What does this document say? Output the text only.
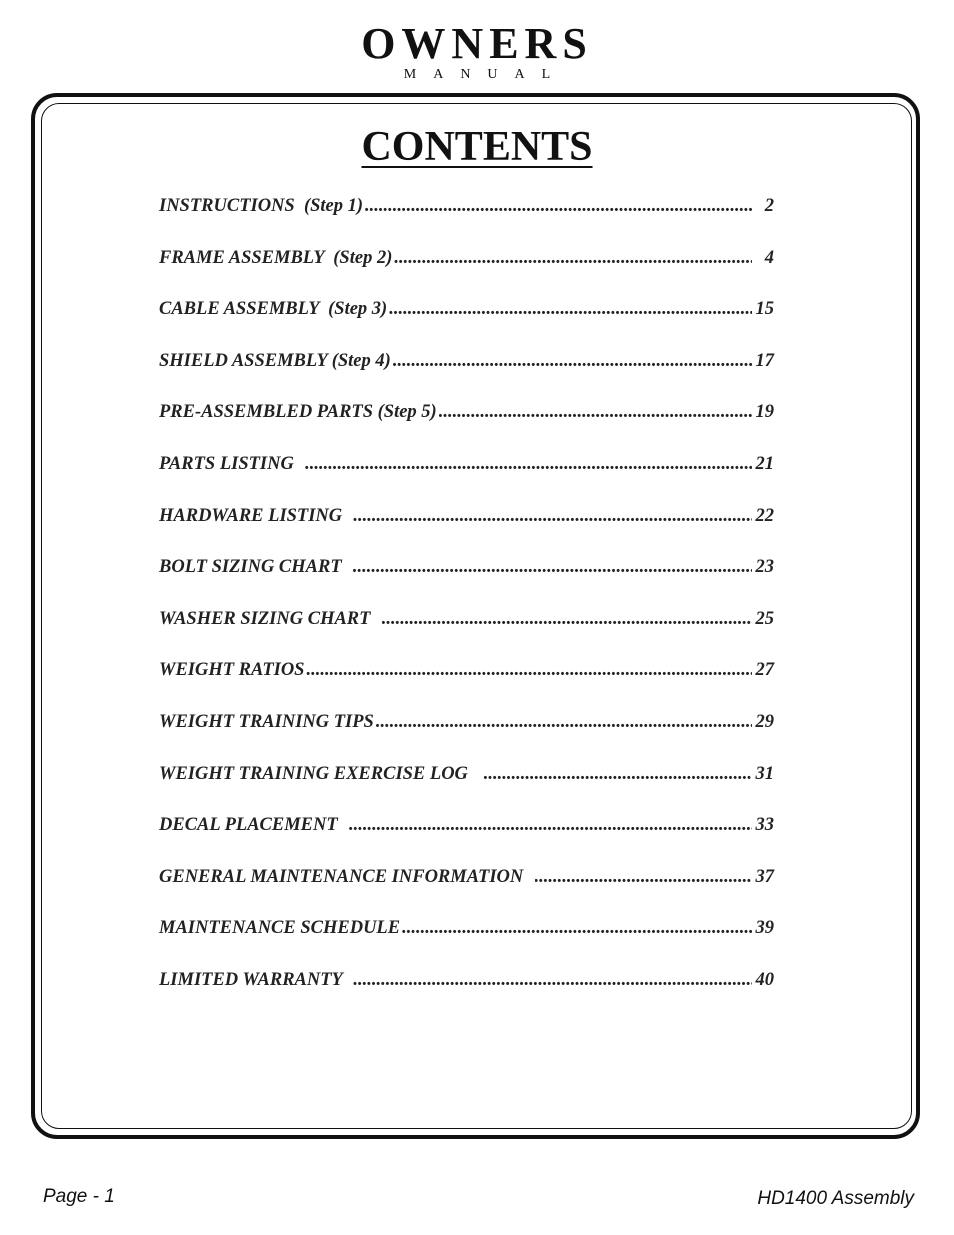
OWNERS
MANUAL
CONTENTS
INSTRUCTIONS  (Step 1) .....	2
FRAME ASSEMBLY  (Step 2) .....	4
CABLE ASSEMBLY  (Step 3) .....	15
SHIELD ASSEMBLY (Step 4) .....	17
PRE-ASSEMBLED PARTS (Step 5) .....	19
PARTS LISTING .....	21
HARDWARE LISTING .....	22
BOLT SIZING CHART .....	23
WASHER SIZING CHART .....	25
WEIGHT RATIOS .....	27
WEIGHT TRAINING TIPS .....	29
WEIGHT TRAINING EXERCISE LOG .....	31
DECAL PLACEMENT .....	33
GENERAL MAINTENANCE INFORMATION .....	37
MAINTENANCE SCHEDULE .....	39
LIMITED WARRANTY .....	40
Page - 1	HD1400 Assembly
